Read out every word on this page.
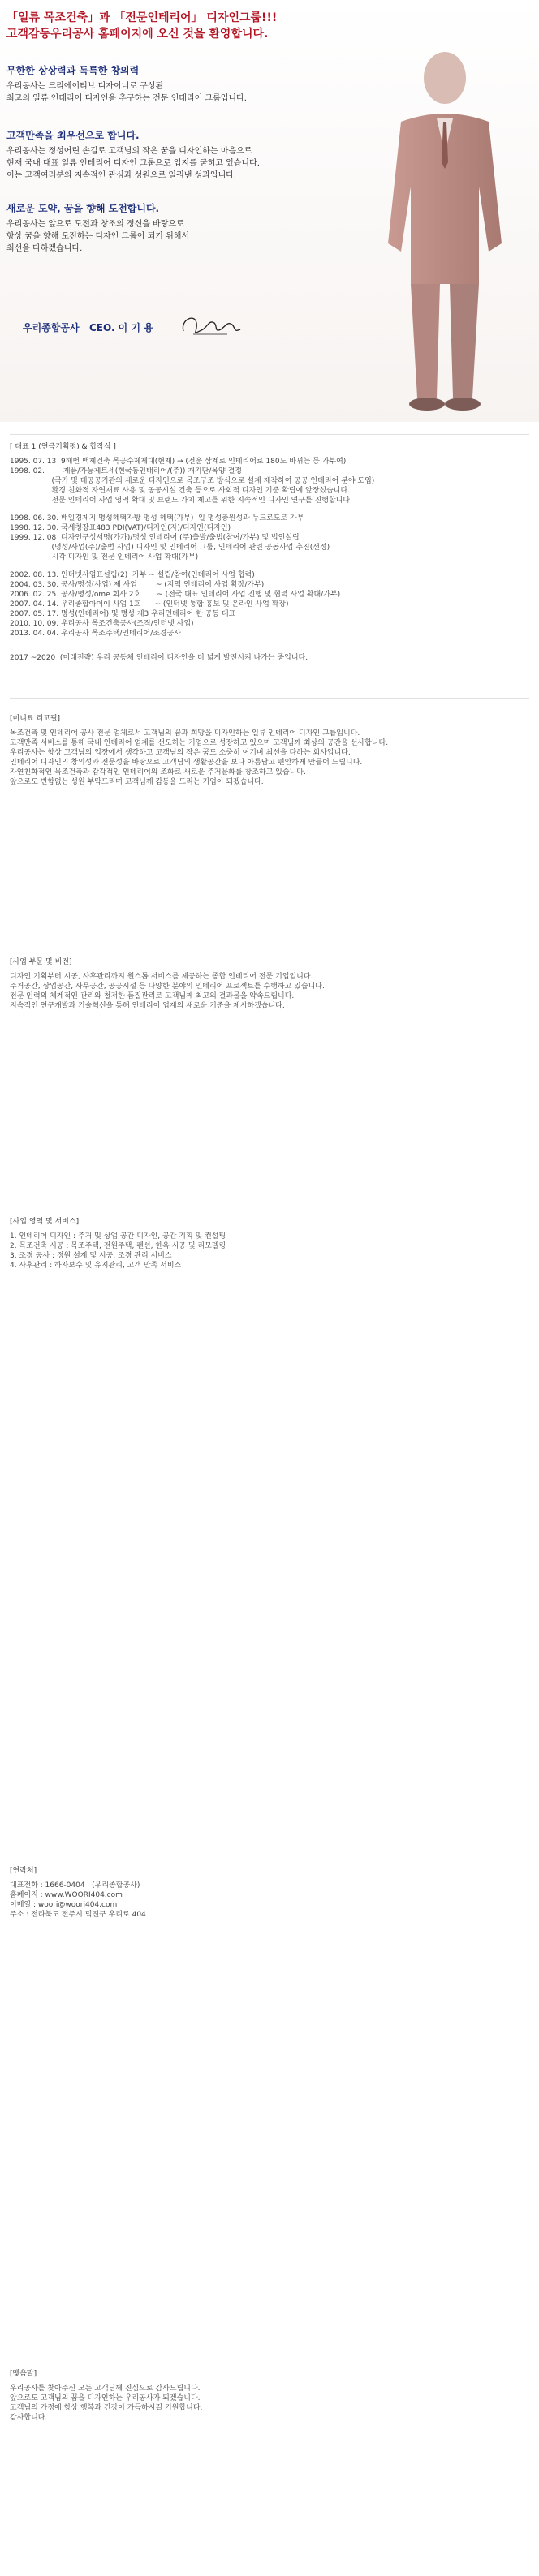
「일류 목조건축」과 「전문인테리어」 디자인그룹!!!
고객감동우리공사 홈페이지에 오신 것을 환영합니다.
무한한 상상력과 독특한 창의력

우리공사는 크리에이티브 디자이너로 구성된
최고의 일류 인테리어 디자인을 추구하는 전문 인테리어 그룹입니다.

고객만족을 최우선으로 합니다.

우리공사는 정성어린 손길로 고객님의 작은 꿈을 디자인하는 마음으로
현재 국내 대표 일류 인테리어 디자인 그룹으로 입지를 굳히고 있습니다.
이는 고객여러분의 지속적인 관심과 성원으로 일궈낸 성과입니다.

새로운 도약, 꿈을 향해 도전합니다.

우리공사는 앞으로 도전과 창조의 정신을 바탕으로
항상 꿈을 향해 도전하는 디자인 그룹이 되기 위해서
최선을 다하겠습니다.

우리종합공사 CEO. 이 기 용
[ 대표 1 (연극기획평) & 합작식 ]
1995. 07. 13  9해번 백제건축 목공수제제대(현재) → (전운 삼계로 인테리어로 180도 바뀌는 등 가부여)
1998. 02.        제품/가능제트세(현국동인태리어/(주)) 개기단/목양 결정
(국가 및 대공공기관의 새로운 디자인으로 목조구조 방식으로 설계 제작하여 공공 인테리어 분야 도입)
환경 친화적 자연재료 사용 및 공공시설 건축 등으로 사회적 디자인 기준 확립에 앞장섰습니다.
전문 인테리어 사업 영역 확대 및 브랜드 가치 제고를 위한 지속적인 디자인 연구를 진행합니다.
1998. 06. 30. 배일경제지 명성혜택자방 명성 혜택(가부)  일 명성충원성과 누드로도로 가부
1998. 12. 30. 국세청장표483 PDI(VAT)/디자인(자)/디자인(디자인)
1999. 12. 08  디자인구성서명(가가)/명성 인테리어 (주)출발/출범(참여/가부) 및 법인설립
(명성/사업(주)/출범 사업) 디자인 및 인테리어 그룹, 인테리어 관련 공동사업 추진(선정)
시각 디자인 및 전문 인테리어 사업 확대(가부)
2002. 08. 13. 인터넷사업표설립(2)  가부 ~ 설립/참여(인테리어 사업 협력)
2004. 03. 30. 공사/명성(사업) 제 사업        ~ (지역 인테리어 사업 확장/가부)
2006. 02. 25. 공사/명성/ome 회사 2호       ~ (전국 대표 인테리어 사업 진행 및 협력 사업 확대/가부)
2007. 04. 14. 우리종합아이이 사업 1호      ~ (인터넷 통합 홍보 및 온라인 사업 확장)
2007. 05. 17. 명성(인테리어) 및 명성 제3 우리인테리어 한 공동 대표
2010. 10. 09. 우리공사 목조건축공사(조직/인터넷 사업)
2013. 04. 04. 우리공사 목조주택/인테리어/조경공사
2017 ~2020  (미래전략) 우리 공동체 인테리어 디자인을 더 넓게 발전시켜 나가는 중입니다.
[미니료 리고필]
목조건축 및 인테리어 공사 전문 업체로서 고객님의 꿈과 희망을 디자인하는 일류 인테리어 디자인 그룹입니다.
고객만족 서비스를 통해 국내 인테리어 업계를 선도하는 기업으로 성장하고 있으며 고객님께 최상의 공간을 선사합니다.
우리공사는 항상 고객님의 입장에서 생각하고 고객님의 작은 꿈도 소중히 여기며 최선을 다하는 회사입니다.
인테리어 디자인의 창의성과 전문성을 바탕으로 고객님의 생활공간을 보다 아름답고 편안하게 만들어 드립니다.
자연친화적인 목조건축과 감각적인 인테리어의 조화로 새로운 주거문화를 창조하고 있습니다.
앞으로도 변함없는 성원 부탁드리며 고객님께 감동을 드리는 기업이 되겠습니다.
[사업 부문 및 비전]
디자인 기획부터 시공, 사후관리까지 원스톱 서비스를 제공하는 종합 인테리어 전문 기업입니다.
주거공간, 상업공간, 사무공간, 공공시설 등 다양한 분야의 인테리어 프로젝트를 수행하고 있습니다.
전문 인력의 체계적인 관리와 철저한 품질관리로 고객님께 최고의 결과물을 약속드립니다.
지속적인 연구개발과 기술혁신을 통해 인테리어 업계의 새로운 기준을 제시하겠습니다.
[사업 영역 및 서비스]
1. 인테리어 디자인 : 주거 및 상업 공간 디자인, 공간 기획 및 컨설팅
2. 목조건축 시공 : 목조주택, 전원주택, 펜션, 한옥 시공 및 리모델링
3. 조경 공사 : 정원 설계 및 시공, 조경 관리 서비스
4. 사후관리 : 하자보수 및 유지관리, 고객 만족 서비스
[연락처]
대표전화 : 1666-0404   (우리종합공사)
홈페이지 : www.WOORI404.com
이메일 : woori@woori404.com
주소 : 전라북도 전주시 덕진구 우리로 404
[맺음말]
우리공사를 찾아주신 모든 고객님께 진심으로 감사드립니다.
앞으로도 고객님의 꿈을 디자인하는 우리공사가 되겠습니다.
고객님의 가정에 항상 행복과 건강이 가득하시길 기원합니다.
감사합니다.
